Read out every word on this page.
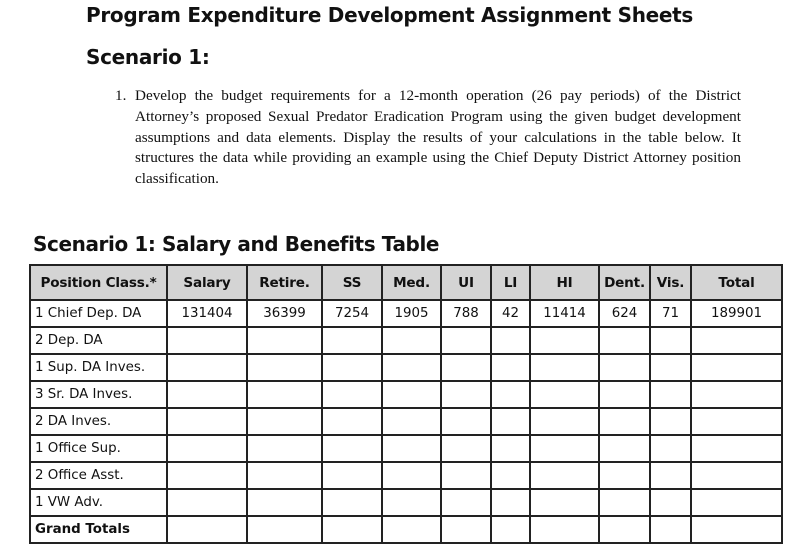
Program Expenditure Development Assignment Sheets
Scenario 1:
1. Develop the budget requirements for a 12-month operation (26 pay periods) of the District Attorney’s proposed Sexual Predator Eradication Program using the given budget development assumptions and data elements. Display the results of your calculations in the table below. It structures the data while providing an example using the Chief Deputy District Attorney position classification.
Scenario 1: Salary and Benefits Table
Position Class.*	Salary	Retire.	SS	Med.	UI	LI	HI	Dent.	Vis.	Total
1 Chief Dep. DA	131404	36399	7254	1905	788	42	11414	624	71	189901
2 Dep. DA										
1 Sup. DA Inves.										
3 Sr. DA Inves.										
2 DA Inves.										
1 Office Sup.										
2 Office Asst.										
1 VW Adv.										
Grand Totals										
